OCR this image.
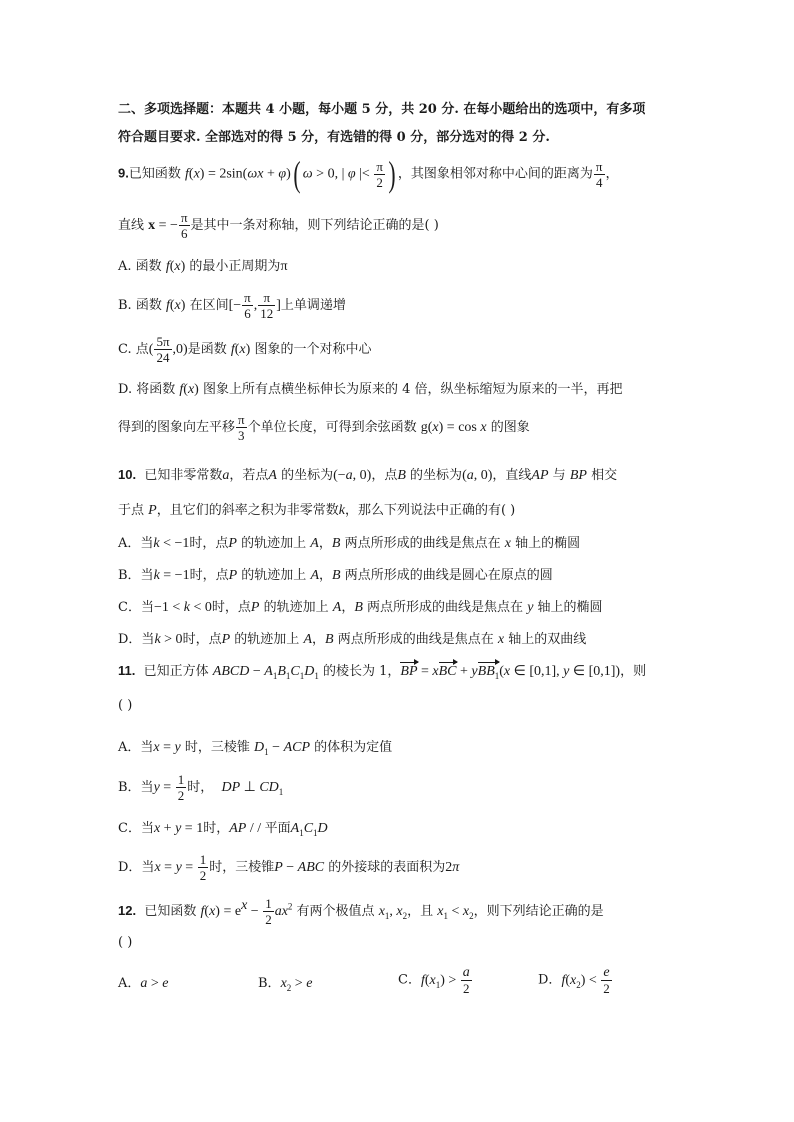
二、多项选择题：本题共 4 小题，每小题 5 分，共 20 分. 在每小题给出的选项中，有多项
符合题目要求. 全部选对的得 5 分，有选错的得 0 分，部分选对的得 2 分.
9.已知函数 f(x) = 2sin(ωx + φ)( ω > 0, | φ |< $\frac{\pi}{2}$ ) ，其图象相邻对称中心间的距离为 $\frac{\pi}{4}$ ，
直线 x = − $\frac{\pi}{6}$ 是其中一条对称轴，则下列结论正确的是( )
A. 函数 f(x) 的最小正周期为π
B. 函数 f(x) 在区间[− $\frac{\pi}{6}$ , $\frac{\pi}{12}$ ]上单调递增
C. 点( $\frac{5\pi}{24} ,0$)是函数 f(x) 图象的一个对称中心
D. 将函数 f(x) 图象上所有点横坐标伸长为原来的 4 倍，纵坐标缩短为原来的一半，再把
得到的图象向左平移 $\frac{\pi}{3}$ 个单位长度，可得到余弦函数 g(x) = cos x 的图象
10. 已知非零常数a，若点A 的坐标为(−a, 0)，点B 的坐标为(a, 0)，直线AP 与 BP 相交
于点 P，且它们的斜率之积为非零常数k，那么下列说法中正确的有( )
A．当k < −1时，点P 的轨迹加上 A，B 两点所形成的曲线是焦点在 x 轴上的椭圆
B．当k = −1时，点P 的轨迹加上 A，B 两点所形成的曲线是圆心在原点的圆
C．当−1 < k < 0时，点P 的轨迹加上 A，B 两点所形成的曲线是焦点在 y 轴上的椭圆
D．当k > 0时，点P 的轨迹加上 A，B 两点所形成的曲线是焦点在 x 轴上的双曲线
11. 已知正方体 ABCD − $A_1B_1C_1D_1$ 的棱长为 1，BP = xBC + yBB$_1$(x ∈ [0,1], y ∈ [0,1])，则
( )
A．当x = y 时，三棱锥 $D_1$ − ACP 的体积为定值
B．当$y = \frac{1}{2}$ 时， DP ⊥ $CD_1$
C．当x + y = 1时，AP / / 平面$A_1C_1D$
D．当$x = y = \frac{1}{2}$ 时，三棱锥P − ABC 的外接球的表面积为2π
12. 已知函数 $f(x) = e^x - \frac{1}{2} ax^2$ 有两个极值点 $x_1$, $x_2$，且 $x_1 < x_2$，则下列结论正确的是
( )
A．a > e	B．$x_2 > e$	C．$f(x_1) > \frac{a}{2}$	D．$f(x_2) < \frac{e}{2}$
